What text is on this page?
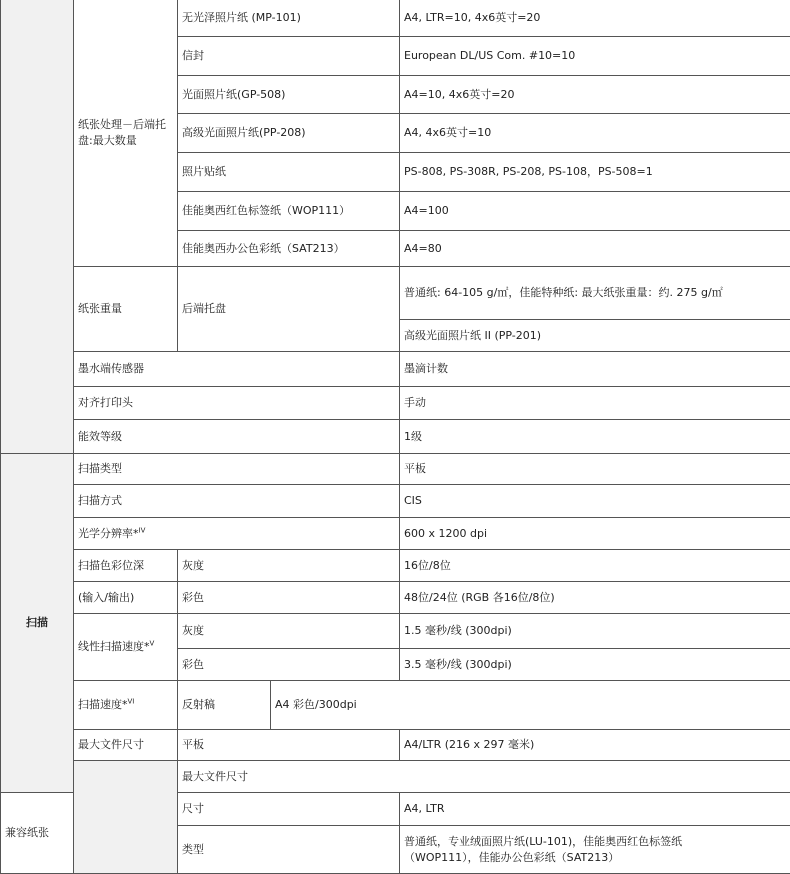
	纸张处理－后端托盘:最大数量	无光泽照片纸 (MP-101)		A4, LTR=10, 4x6英寸=20	
		信封		European DL/US Com. #10=10	
		光面照片纸(GP-508)		A4=10, 4x6英寸=20	
		高级光面照片纸(PP-208)		A4, 4x6英寸=10	
		照片贴纸		PS-808, PS-308R, PS-208, PS-108，PS-508=1	
		佳能奥西红色标签纸（WOP111）		A4=100	
		佳能奥西办公色彩纸（SAT213）		A4=80	
	纸张重量	后端托盘		普通纸: 64-105 g/㎡，佳能特种纸: 最大纸张重量：约. 275 g/㎡	
				高级光面照片纸 II (PP-201)	
	墨水端传感器			墨滴计数	
	对齐打印头			手动	
	能效等级			1级	
扫描	扫描类型			平板	
	扫描方式			CIS	
	光学分辨率*$^{IV}$			600 x 1200 dpi	
	扫描色彩位深	灰度		16位/8位	
	(输入/输出)	彩色		48位/24位 (RGB 各16位/8位)	
	线性扫描速度*$^V$	灰度		1.5 毫秒/线 (300dpi)	
		彩色		3.5 毫秒/线 (300dpi)	
	扫描速度*$^{VI}$	反射稿	A4 彩色/300dpi	
	最大文件尺寸	平板		A4/LTR (216 x 297 毫米)	
		最大文件尺寸	
兼容纸张		尺寸		A4, LTR	
		类型		普通纸，专业绒面照片纸(LU-101)，佳能奥西红色标签纸
（WOP111），佳能办公色彩纸（SAT213）	
